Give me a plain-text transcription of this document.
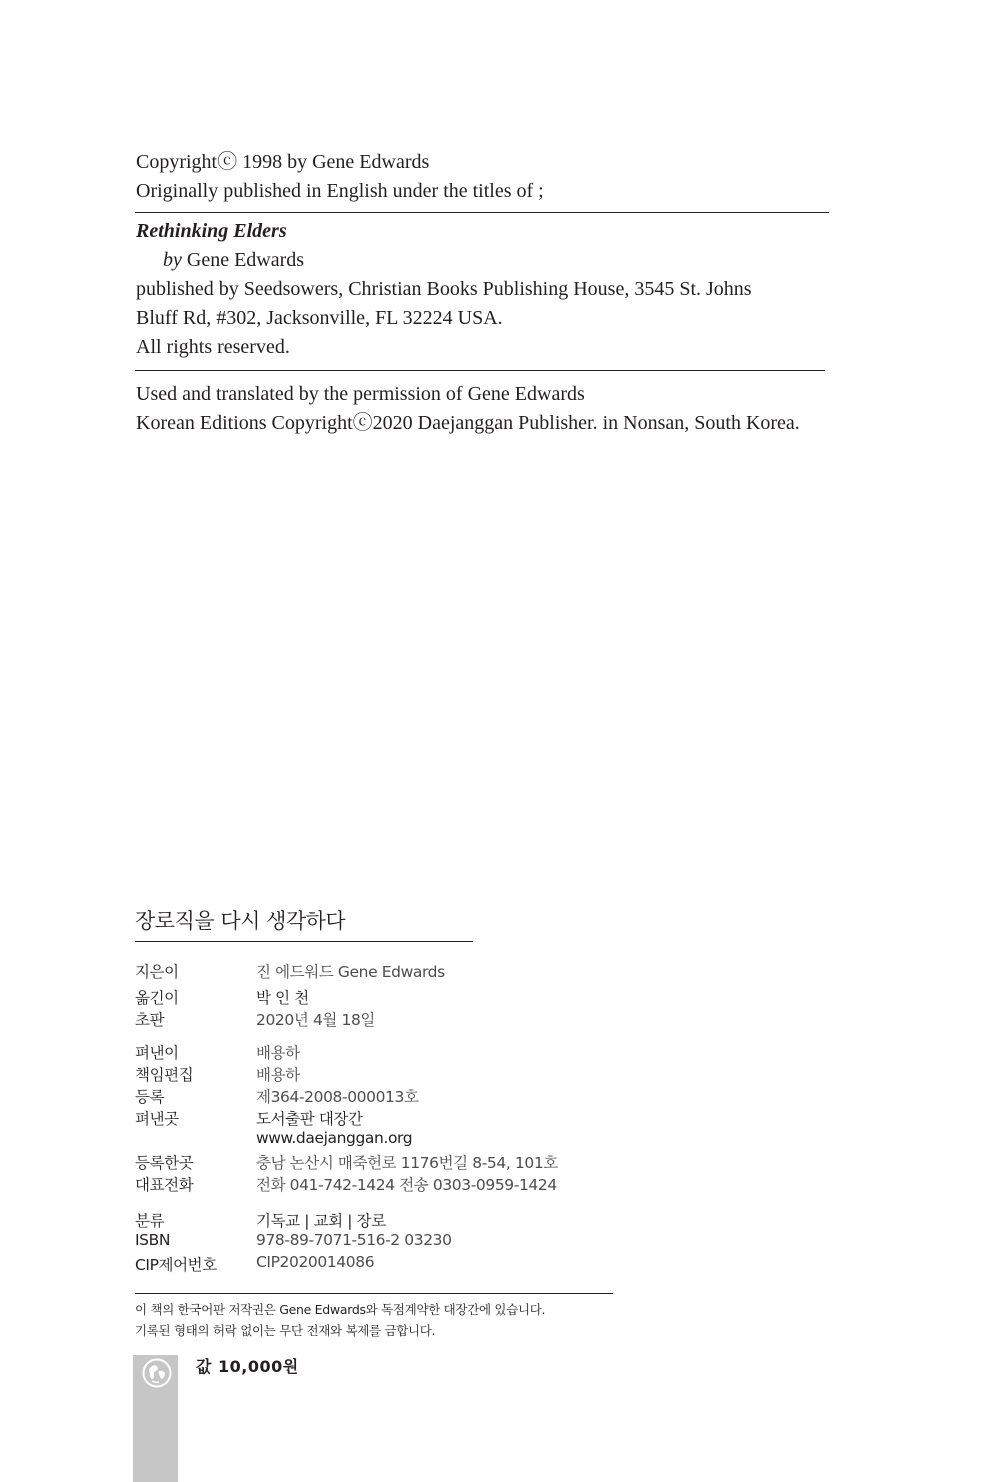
Copyrightⓒ 1998 by Gene Edwards

Originally published in English under the titles of ;

Rethinking Elders

by Gene Edwards

published by Seedsowers, Christian Books Publishing House, 3545 St. Johns

Bluff Rd, #302, Jacksonville, FL 32224 USA.

All rights reserved.

Used and translated by the permission of Gene Edwards

Korean Editions Copyrightⓒ2020 Daejanggan Publisher. in Nonsan, South Korea.

장로직을 다시 생각하다
지은이	진 에드워드 Gene Edwards
옮긴이	박 인 천
초판	2020년 4월 18일
펴낸이	배용하
책임편집	배용하
등록	제364-2008-000013호
펴낸곳	도서출판 대장간
www.daejanggan.org
등록한곳	충남 논산시 매죽헌로 1176번길 8-54, 101호
대표전화	전화 041-742-1424 전송 0303-0959-1424
분류	기독교 | 교회 | 장로
ISBN	978-89-7071-516-2 03230
CIP제어번호	CIP2020014086
이 책의 한국어판 저작권은 Gene Edwards와 독점계약한 대장간에 있습니다.
기록된 형태의 허락 없이는 무단 전재와 복제를 금합니다.
값 10,000원
